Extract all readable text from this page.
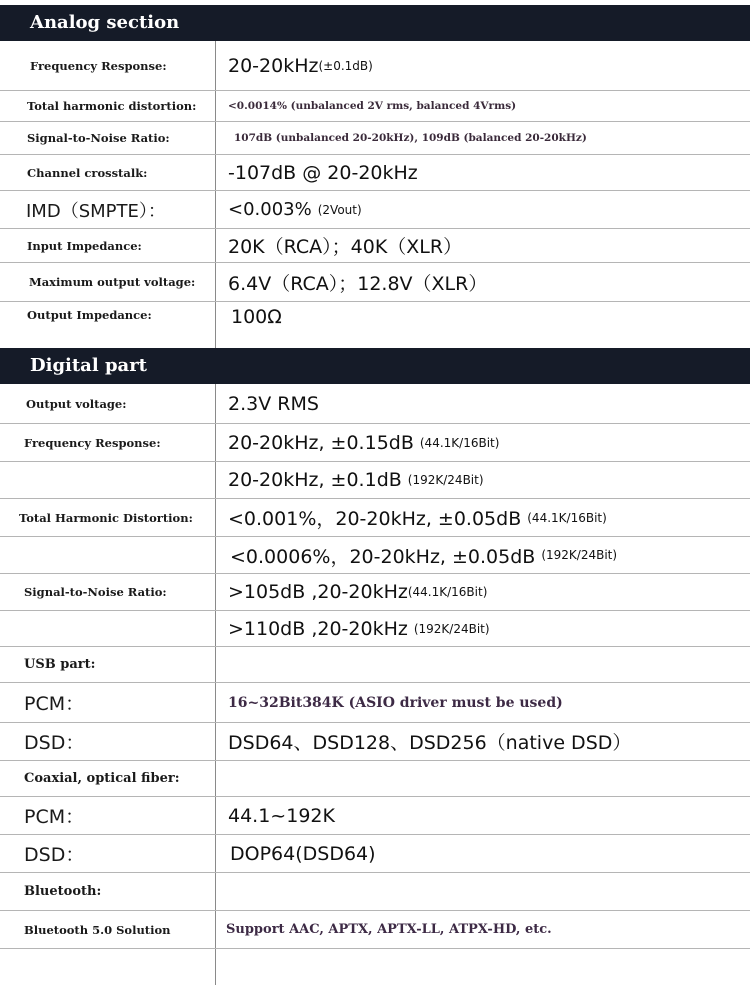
Analog section
Frequency Response:	20-20kHz (±0.1dB)
Total harmonic distortion:	<0.0014% (unbalanced 2V rms, balanced 4Vrms)
Signal-to-Noise Ratio:	107dB (unbalanced 20-20kHz), 109dB (balanced 20-20kHz)
Channel crosstalk:	-107dB @ 20-20kHz
IMD（SMPTE）：	<0.003% (2Vout)
Input Impedance:	20K（RCA）；40K（XLR）
Maximum output voltage: 6.4V（RCA）；12.8V（XLR）
Output Impedance:	100Ω
Digital part
Output voltage:	2.3V RMS
Frequency Response:	20-20kHz, ±0.15dB (44.1K/16Bit)
20-20kHz, ±0.1dB (192K/24Bit)
Total Harmonic Distortion: <0.001%，20-20kHz, ±0.05dB (44.1K/16Bit)
<0.0006%，20-20kHz, ±0.05dB (192K/24Bit)
Signal-to-Noise Ratio:	>105dB ,20-20kHz (44.1K/16Bit)
>110dB ,20-20kHz (192K/24Bit)
USB part:
PCM：	16~32Bit384K (ASIO driver must be used)
DSD：	DSD64、DSD128、DSD256（native DSD）
Coaxial, optical fiber:
PCM：	44.1~192K
DSD：	DOP64(DSD64)
Bluetooth:
Bluetooth 5.0 Solution	Support AAC, APTX, APTX-LL, ATPX-HD, etc.
